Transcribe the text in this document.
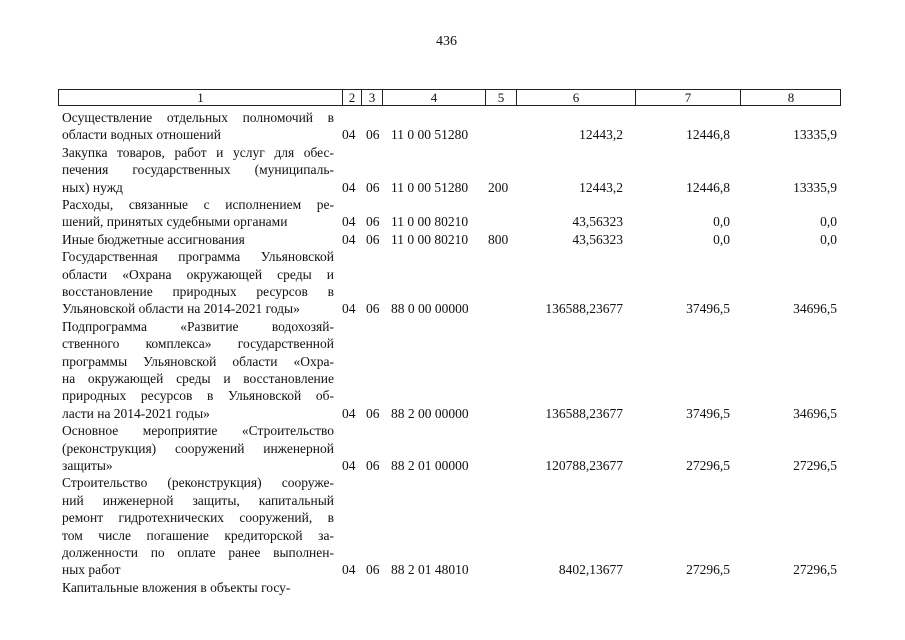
436
1	2	3	4	5	6	7	8
Осуществление отдельных полномочий в
области водных отношений	04 06 11 0 00 51280	12443,2	12446,8	13335,9
Закупка товаров, работ и услуг для обес-
печения государственных (муниципаль-
ных) нужд	04 06 11 0 00 51280 200	12443,2	12446,8	13335,9
Расходы, связанные с исполнением ре-
шений, принятых судебными органами	04 06 11 0 00 80210	43,56323	0,0	0,0
Иные бюджетные ассигнования	04 06 11 0 00 80210 800	43,56323	0,0	0,0
Государственная программа Ульяновской
области «Охрана окружающей среды и
восстановление природных ресурсов в
Ульяновской области на 2014-2021 годы»	04 06 88 0 00 00000	136588,23677	37496,5	34696,5
Подпрограмма «Развитие водохозяй-
ственного комплекса» государственной
программы Ульяновской области «Охра-
на окружающей среды и восстановление
природных ресурсов в Ульяновской об-
ласти на 2014-2021 годы»	04 06 88 2 00 00000	136588,23677	37496,5	34696,5
Основное мероприятие «Строительство
(реконструкция) сооружений инженерной
защиты»	04 06 88 2 01 00000	120788,23677	27296,5	27296,5
Строительство (реконструкция) сооруже-
ний инженерной защиты, капитальный
ремонт гидротехнических сооружений, в
том числе погашение кредиторской за-
долженности по оплате ранее выполнен-
ных работ	04 06 88 2 01 48010	8402,13677	27296,5	27296,5
Капитальные вложения в объекты госу-
